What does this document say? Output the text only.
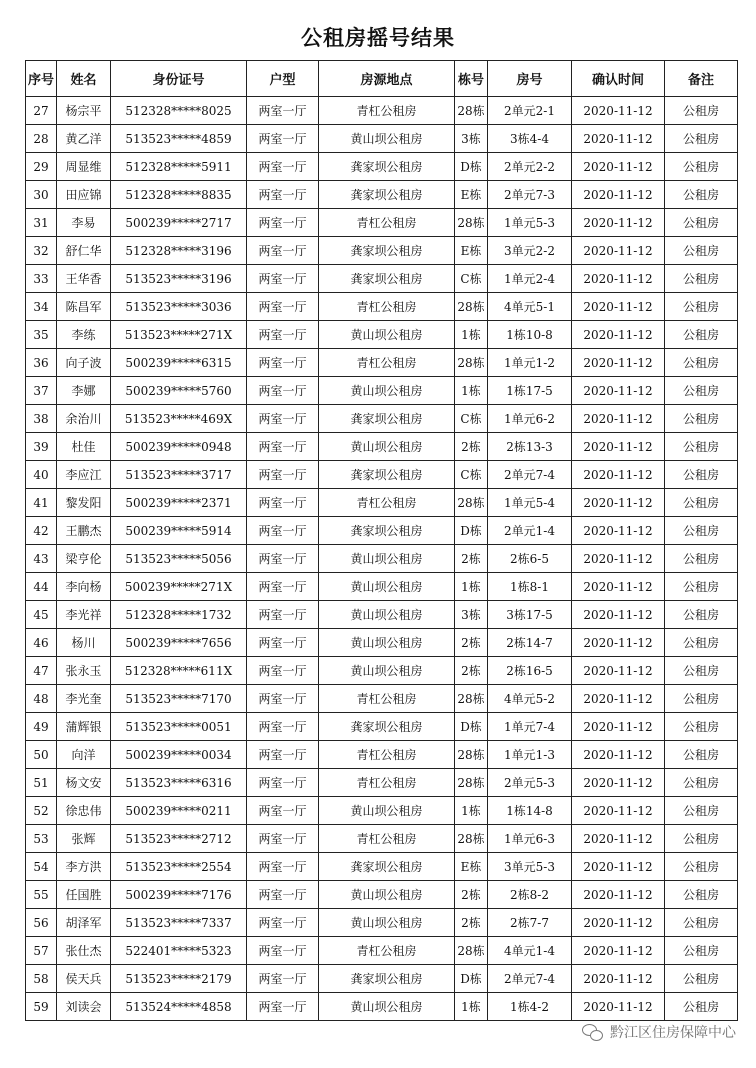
公租房摇号结果
序号	姓名	身份证号	户型	房源地点	栋号	房号	确认时间	备注
27	杨宗平	512328*****8025	两室一厅	青杠公租房	28栋	2单元2-1	2020-11-12	公租房
28	黄乙洋	513523*****4859	两室一厅	黄山坝公租房	3栋	3栋4-4	2020-11-12	公租房
29	周显维	512328*****5911	两室一厅	龚家坝公租房	D栋	2单元2-2	2020-11-12	公租房
30	田应锦	512328*****8835	两室一厅	龚家坝公租房	E栋	2单元7-3	2020-11-12	公租房
31	李易	500239*****2717	两室一厅	青杠公租房	28栋	1单元5-3	2020-11-12	公租房
32	舒仁华	512328*****3196	两室一厅	龚家坝公租房	E栋	3单元2-2	2020-11-12	公租房
33	王华香	513523*****3196	两室一厅	龚家坝公租房	C栋	1单元2-4	2020-11-12	公租房
34	陈昌军	513523*****3036	两室一厅	青杠公租房	28栋	4单元5-1	2020-11-12	公租房
35	李练	513523*****271X	两室一厅	黄山坝公租房	1栋	1栋10-8	2020-11-12	公租房
36	向子波	500239*****6315	两室一厅	青杠公租房	28栋	1单元1-2	2020-11-12	公租房
37	李娜	500239*****5760	两室一厅	黄山坝公租房	1栋	1栋17-5	2020-11-12	公租房
38	余治川	513523*****469X	两室一厅	龚家坝公租房	C栋	1单元6-2	2020-11-12	公租房
39	杜佳	500239*****0948	两室一厅	黄山坝公租房	2栋	2栋13-3	2020-11-12	公租房
40	李应江	513523*****3717	两室一厅	龚家坝公租房	C栋	2单元7-4	2020-11-12	公租房
41	黎发阳	500239*****2371	两室一厅	青杠公租房	28栋	1单元5-4	2020-11-12	公租房
42	王鹏杰	500239*****5914	两室一厅	龚家坝公租房	D栋	2单元1-4	2020-11-12	公租房
43	梁亨伦	513523*****5056	两室一厅	黄山坝公租房	2栋	2栋6-5	2020-11-12	公租房
44	李向杨	500239*****271X	两室一厅	黄山坝公租房	1栋	1栋8-1	2020-11-12	公租房
45	李光祥	512328*****1732	两室一厅	黄山坝公租房	3栋	3栋17-5	2020-11-12	公租房
46	杨川	500239*****7656	两室一厅	黄山坝公租房	2栋	2栋14-7	2020-11-12	公租房
47	张永玉	512328*****611X	两室一厅	黄山坝公租房	2栋	2栋16-5	2020-11-12	公租房
48	李光奎	513523*****7170	两室一厅	青杠公租房	28栋	4单元5-2	2020-11-12	公租房
49	蒲辉银	513523*****0051	两室一厅	龚家坝公租房	D栋	1单元7-4	2020-11-12	公租房
50	向洋	500239*****0034	两室一厅	青杠公租房	28栋	1单元1-3	2020-11-12	公租房
51	杨文安	513523*****6316	两室一厅	青杠公租房	28栋	2单元5-3	2020-11-12	公租房
52	徐忠伟	500239*****0211	两室一厅	黄山坝公租房	1栋	1栋14-8	2020-11-12	公租房
53	张辉	513523*****2712	两室一厅	青杠公租房	28栋	1单元6-3	2020-11-12	公租房
54	李方洪	513523*****2554	两室一厅	龚家坝公租房	E栋	3单元5-3	2020-11-12	公租房
55	任国胜	500239*****7176	两室一厅	黄山坝公租房	2栋	2栋8-2	2020-11-12	公租房
56	胡泽军	513523*****7337	两室一厅	黄山坝公租房	2栋	2栋7-7	2020-11-12	公租房
57	张仕杰	522401*****5323	两室一厅	青杠公租房	28栋	4单元1-4	2020-11-12	公租房
58	侯天兵	513523*****2179	两室一厅	龚家坝公租房	D栋	2单元7-4	2020-11-12	公租房
59	刘读会	513524*****4858	两室一厅	黄山坝公租房	1栋	1栋4-2	2020-11-12	公租房
黔江区住房保障中心
